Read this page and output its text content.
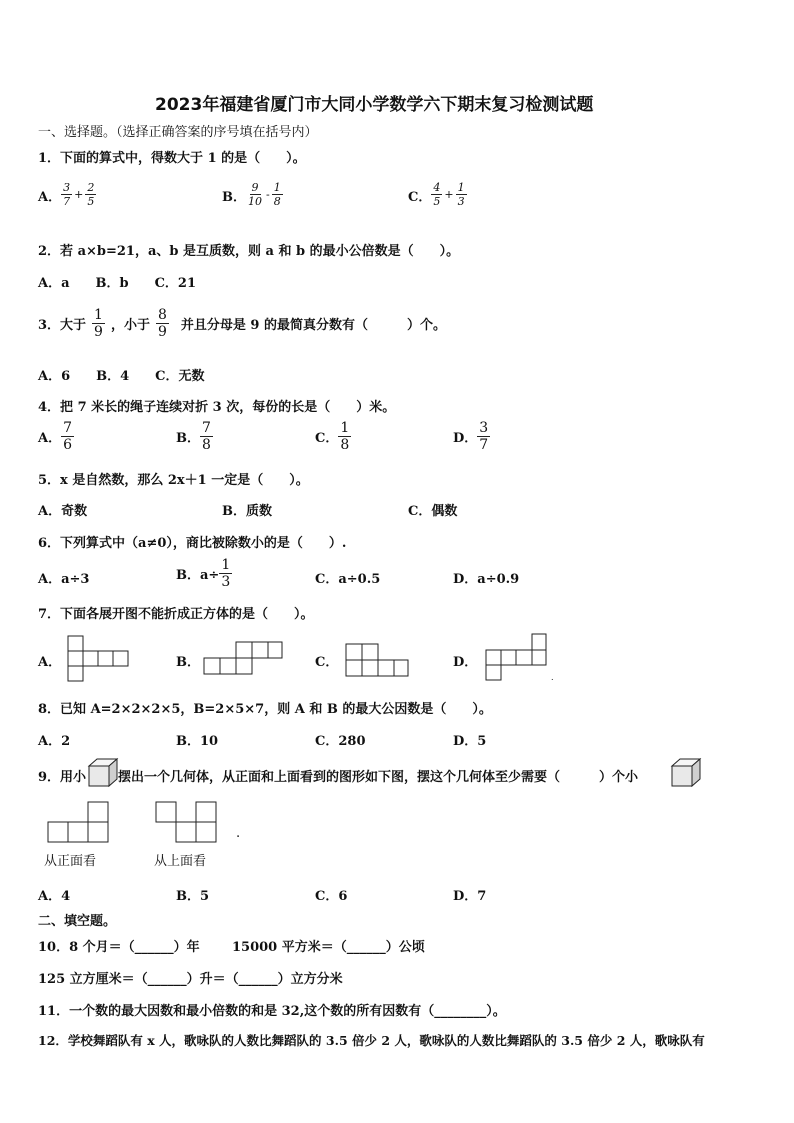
2023年福建省厦门市大同小学数学六下期末复习检测试题
一、选择题。（选择正确答案的序号填在括号内）
1．下面的算式中，得数大于 1 的是（　　）。
A． $\frac{3}{7} + \frac{2}{5}$	B． $\frac{9}{10} - \frac{1}{8}$	C． $\frac{4}{5} + \frac{1}{3}$
2．若 a×b=21，a、b 是互质数，则 a 和 b 的最小公倍数是（　　）。
A．a　　B．b　　C．21
3．大于 $\frac{1}{9}$ ，小于 $\frac{8}{9}$ 并且分母是 9 的最简真分数有（　　　）个。
A．6　　B．4　　C．无数
4．把 7 米长的绳子连续对折 3 次，每份的长是（　　）米。
A． $\frac{7}{6}$	B． $\frac{7}{8}$	C． $\frac{1}{8}$	D． $\frac{3}{7}$
5．x 是自然数，那么 2x＋1 一定是（　　）。
A．奇数	B．质数	C．偶数
6．下列算式中（a≠0），商比被除数小的是（　　）.
A．a÷3	B．$a\div \frac{1}{3}$	C．a÷0.5	D．a÷0.9
7．下面各展开图不能折成正方体的是（　　）。
A．	B．	C．	D．
.
8．已知 A=2×2×2×5，B=2×5×7，则 A 和 B 的最大公因数是（　　）。
A．2	B．10	C．280	D．5
9．用小 摆出一个几何体，从正面和上面看到的图形如下图，摆这个几何体至少需要（　　　）个小
从正面看	从上面看
.
A．4	B．5	C．6	D．7
二、填空题。
10．8 个月＝（______）年 15000 平方米＝（______）公顷
125 立方厘米＝（______）升＝（______）立方分米
11．一个数的最大因数和最小倍数的和是 32,这个数的所有因数有（________）。
12．学校舞蹈队有 x 人，歌咏队的人数比舞蹈队的 3.5 倍少 2 人，歌咏队的人数比舞蹈队的 3.5 倍少 2 人，歌咏队有
